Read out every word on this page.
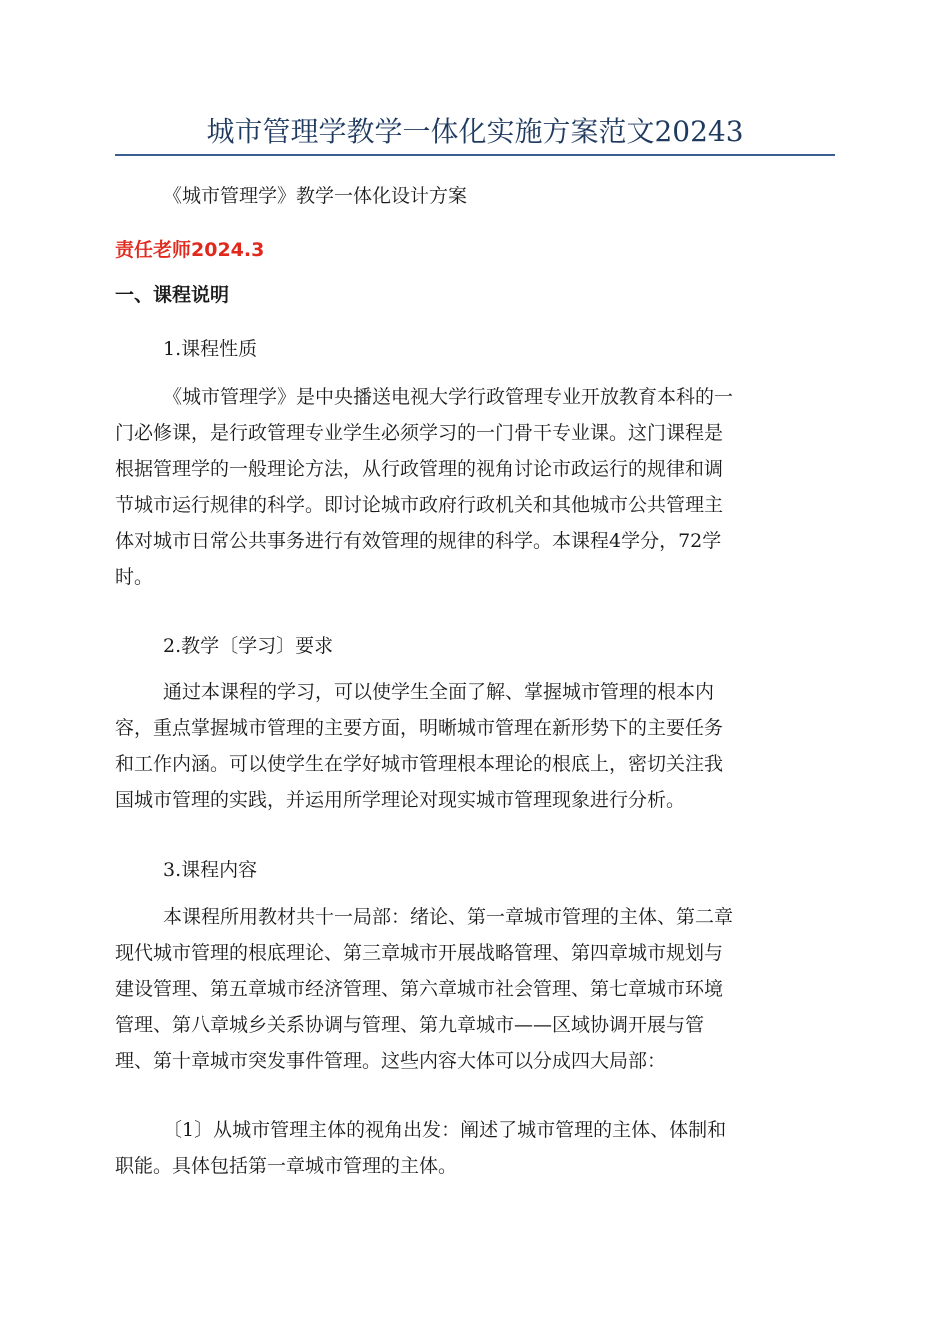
城市管理学教学一体化实施方案范文20243
《城市管理学》教学一体化设计方案
责任老师2024.3
一、课程说明
1.课程性质
《城市管理学》是中央播送电视大学行政管理专业开放教育本科的一
门必修课，是行政管理专业学生必须学习的一门骨干专业课。这门课程是
根据管理学的一般理论方法，从行政管理的视角讨论市政运行的规律和调
节城市运行规律的科学。即讨论城市政府行政机关和其他城市公共管理主
体对城市日常公共事务进行有效管理的规律的科学。本课程4学分，72学
时。
2.教学〔学习〕要求
通过本课程的学习，可以使学生全面了解、掌握城市管理的根本内
容，重点掌握城市管理的主要方面，明晰城市管理在新形势下的主要任务
和工作内涵。可以使学生在学好城市管理根本理论的根底上，密切关注我
国城市管理的实践，并运用所学理论对现实城市管理现象进行分析。
3.课程内容
本课程所用教材共十一局部：绪论、第一章城市管理的主体、第二章
现代城市管理的根底理论、第三章城市开展战略管理、第四章城市规划与
建设管理、第五章城市经济管理、第六章城市社会管理、第七章城市环境
管理、第八章城乡关系协调与管理、第九章城市——区域协调开展与管
理、第十章城市突发事件管理。这些内容大体可以分成四大局部：
〔1〕从城市管理主体的视角出发：阐述了城市管理的主体、体制和
职能。具体包括第一章城市管理的主体。
